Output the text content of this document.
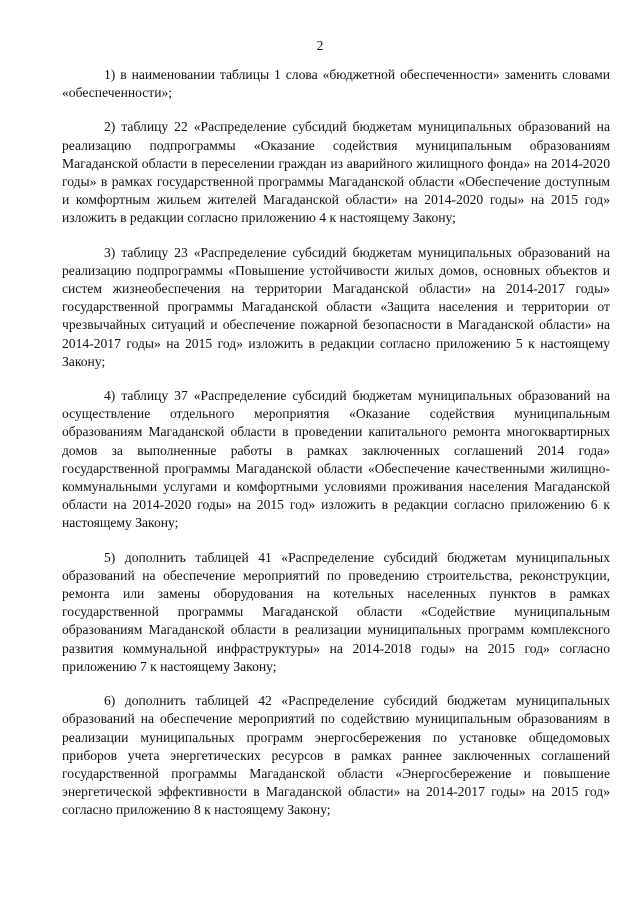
2

1) в наименовании таблицы 1 слова «бюджетной обеспеченности» заменить словами «обеспеченности»;

2) таблицу 22 «Распределение субсидий бюджетам муниципальных образований на реализацию подпрограммы «Оказание содействия муниципальным образованиям Магаданской области в переселении граждан из аварийного жилищного фонда» на 2014-2020 годы» в рамках государственной программы Магаданской области «Обеспечение доступным и комфортным жильем жителей Магаданской области» на 2014-2020 годы» на 2015 год» изложить в редакции согласно приложению 4 к настоящему Закону;

3) таблицу 23 «Распределение субсидий бюджетам муниципальных образований на реализацию подпрограммы «Повышение устойчивости жилых домов, основных объектов и систем жизнеобеспечения на территории Магаданской области» на 2014-2017 годы» государственной программы Магаданской области «Защита населения и территории от чрезвычайных ситуаций и обеспечение пожарной безопасности в Магаданской области» на 2014-2017 годы» на 2015 год» изложить в редакции согласно приложению 5 к настоящему Закону;

4) таблицу 37 «Распределение субсидий бюджетам муниципальных образований на осуществление отдельного мероприятия «Оказание содействия муниципальным образованиям Магаданской области в проведении капитального ремонта многоквартирных домов за выполненные работы в рамках заключенных соглашений 2014 года» государственной программы Магаданской области «Обеспечение качественными жилищно-коммунальными услугами и комфортными условиями проживания населения Магаданской области на 2014-2020 годы» на 2015 год» изложить в редакции согласно приложению 6 к настоящему Закону;

5) дополнить таблицей 41 «Распределение субсидий бюджетам муниципальных образований на обеспечение мероприятий по проведению строительства, реконструкции, ремонта или замены оборудования на котельных населенных пунктов в рамках государственной программы Магаданской области «Содействие муниципальным образованиям Магаданской области в реализации муниципальных программ комплексного развития коммунальной инфраструктуры» на 2014-2018 годы» на 2015 год» согласно приложению 7 к настоящему Закону;

6) дополнить таблицей 42 «Распределение субсидий бюджетам муниципальных образований на обеспечение мероприятий по содействию муниципальным образованиям в реализации муниципальных программ энергосбережения по установке общедомовых приборов учета энергетических ресурсов в рамках раннее заключенных соглашений государственной программы Магаданской области «Энергосбережение и повышение энергетической эффективности в Магаданской области» на 2014-2017 годы» на 2015 год» согласно приложению 8 к настоящему Закону;
